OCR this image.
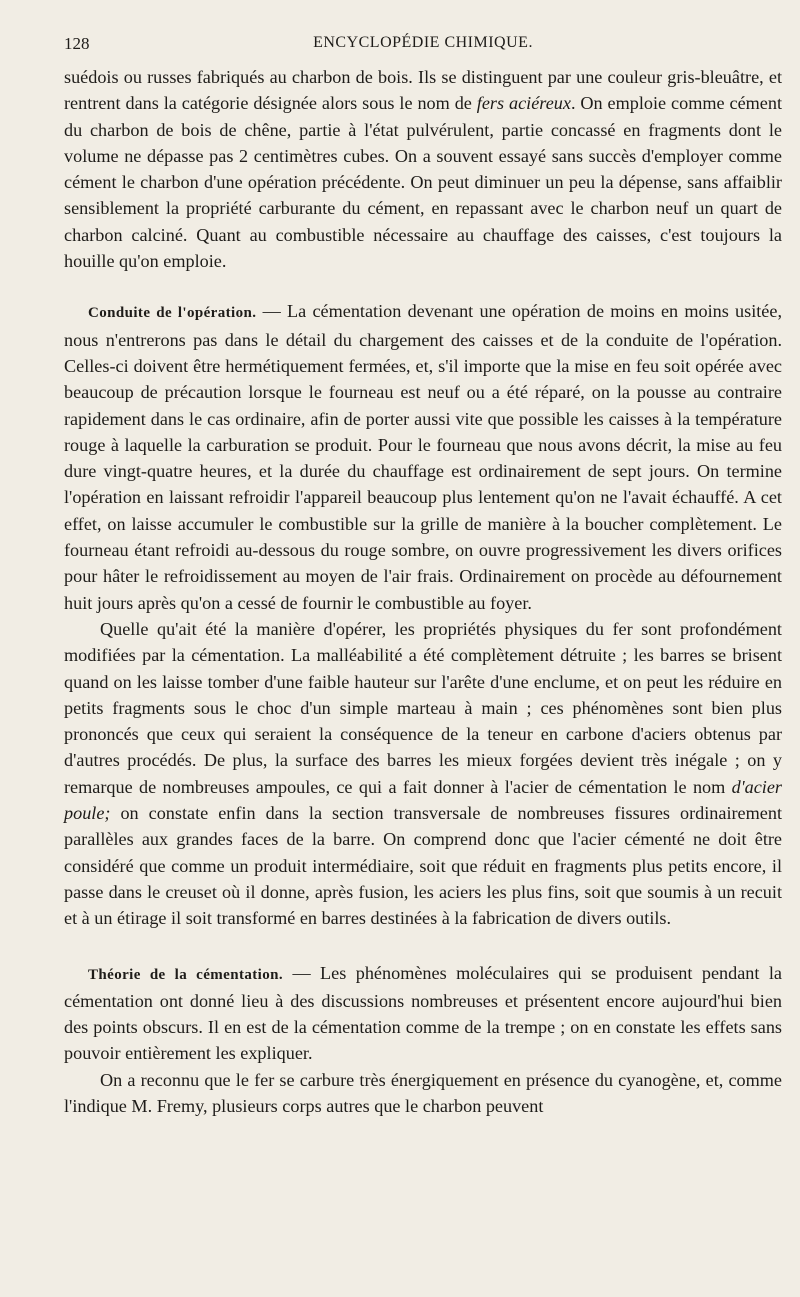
128	ENCYCLOPÉDIE CHIMIQUE.

suédois ou russes fabriqués au charbon de bois. Ils se distinguent par une couleur gris-bleuâtre, et rentrent dans la catégorie désignée alors sous le nom de fers aciéreux. On emploie comme cément du charbon de bois de chêne, partie à l'état pulvérulent, partie concassé en fragments dont le volume ne dépasse pas 2 centimètres cubes. On a souvent essayé sans succès d'employer comme cément le charbon d'une opération précédente. On peut diminuer un peu la dépense, sans affaiblir sensiblement la propriété carburante du cément, en repassant avec le charbon neuf un quart de charbon calciné. Quant au combustible nécessaire au chauffage des caisses, c'est toujours la houille qu'on emploie.

Conduite de l'opération. — La cémentation devenant une opération de moins en moins usitée, nous n'entrerons pas dans le détail du chargement des caisses et de la conduite de l'opération. Celles-ci doivent être hermétiquement fermées, et, s'il importe que la mise en feu soit opérée avec beaucoup de précaution lorsque le fourneau est neuf ou a été réparé, on la pousse au contraire rapidement dans le cas ordinaire, afin de porter aussi vite que possible les caisses à la température rouge à laquelle la carburation se produit. Pour le fourneau que nous avons décrit, la mise au feu dure vingt-quatre heures, et la durée du chauffage est ordinairement de sept jours. On termine l'opération en laissant refroidir l'appareil beaucoup plus lentement qu'on ne l'avait échauffé. A cet effet, on laisse accumuler le combustible sur la grille de manière à la boucher complètement. Le fourneau étant refroidi au-dessous du rouge sombre, on ouvre progressivement les divers orifices pour hâter le refroidissement au moyen de l'air frais. Ordinairement on procède au défournement huit jours après qu'on a cessé de fournir le combustible au foyer.

Quelle qu'ait été la manière d'opérer, les propriétés physiques du fer sont profondément modifiées par la cémentation. La malléabilité a été complètement détruite ; les barres se brisent quand on les laisse tomber d'une faible hauteur sur l'arête d'une enclume, et on peut les réduire en petits fragments sous le choc d'un simple marteau à main ; ces phénomènes sont bien plus prononcés que ceux qui seraient la conséquence de la teneur en carbone d'aciers obtenus par d'autres procédés. De plus, la surface des barres les mieux forgées devient très inégale ; on y remarque de nombreuses ampoules, ce qui a fait donner à l'acier de cémentation le nom d'acier poule; on constate enfin dans la section transversale de nombreuses fissures ordinairement parallèles aux grandes faces de la barre. On comprend donc que l'acier cémenté ne doit être considéré que comme un produit intermédiaire, soit que réduit en fragments plus petits encore, il passe dans le creuset où il donne, après fusion, les aciers les plus fins, soit que soumis à un recuit et à un étirage il soit transformé en barres destinées à la fabrication de divers outils.

Théorie de la cémentation. — Les phénomènes moléculaires qui se produisent pendant la cémentation ont donné lieu à des discussions nombreuses et présentent encore aujourd'hui bien des points obscurs. Il en est de la cémentation comme de la trempe ; on en constate les effets sans pouvoir entièrement les expliquer.

On a reconnu que le fer se carbure très énergiquement en présence du cyanogène, et, comme l'indique M. Fremy, plusieurs corps autres que le charbon peuvent
